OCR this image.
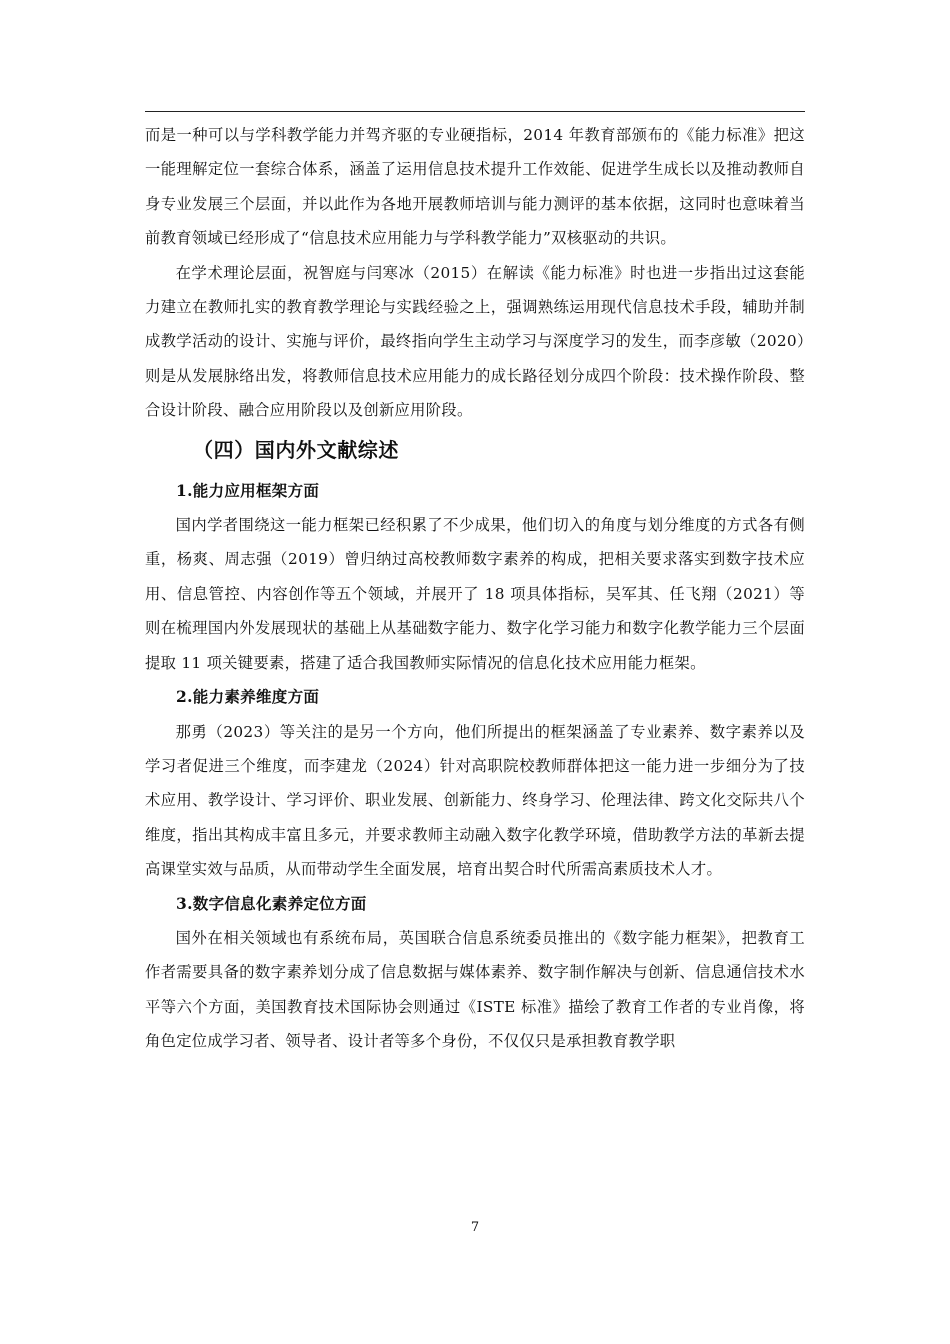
而是一种可以与学科教学能力并驾齐驱的专业硬指标，2014 年教育部颁布的《能力标准》把这一能理解定位一套综合体系，涵盖了运用信息技术提升工作效能、促进学生成长以及推动教师自身专业发展三个层面，并以此作为各地开展教师培训与能力测评的基本依据，这同时也意味着当前教育领域已经形成了“信息技术应用能力与学科教学能力”双核驱动的共识。

在学术理论层面，祝智庭与闫寒冰（2015）在解读《能力标准》时也进一步指出过这套能力建立在教师扎实的教育教学理论与实践经验之上，强调熟练运用现代信息技术手段，辅助并制成教学活动的设计、实施与评价，最终指向学生主动学习与深度学习的发生，而李彦敏（2020）则是从发展脉络出发，将教师信息技术应用能力的成长路径划分成四个阶段：技术操作阶段、整合设计阶段、融合应用阶段以及创新应用阶段。

（四）国内外文献综述
1.能力应用框架方面

国内学者围绕这一能力框架已经积累了不少成果，他们切入的角度与划分维度的方式各有侧重，杨爽、周志强（2019）曾归纳过高校教师数字素养的构成，把相关要求落实到数字技术应用、信息管控、内容创作等五个领域，并展开了 18 项具体指标，吴军其、任飞翔（2021）等则在梳理国内外发展现状的基础上从基础数字能力、数字化学习能力和数字化教学能力三个层面提取 11 项关键要素，搭建了适合我国教师实际情况的信息化技术应用能力框架。

2.能力素养维度方面

那勇（2023）等关注的是另一个方向，他们所提出的框架涵盖了专业素养、数字素养以及学习者促进三个维度，而李建龙（2024）针对高职院校教师群体把这一能力进一步细分为了技术应用、教学设计、学习评价、职业发展、创新能力、终身学习、伦理法律、跨文化交际共八个维度，指出其构成丰富且多元，并要求教师主动融入数字化教学环境，借助教学方法的革新去提高课堂实效与品质，从而带动学生全面发展，培育出契合时代所需高素质技术人才。

3.数字信息化素养定位方面

国外在相关领域也有系统布局，英国联合信息系统委员推出的《数字能力框架》，把教育工作者需要具备的数字素养划分成了信息数据与媒体素养、数字制作解决与创新、信息通信技术水平等六个方面，美国教育技术国际协会则通过《ISTE 标准》描绘了教育工作者的专业肖像，将角色定位成学习者、领导者、设计者等多个身份，不仅仅只是承担教育教学职

7
